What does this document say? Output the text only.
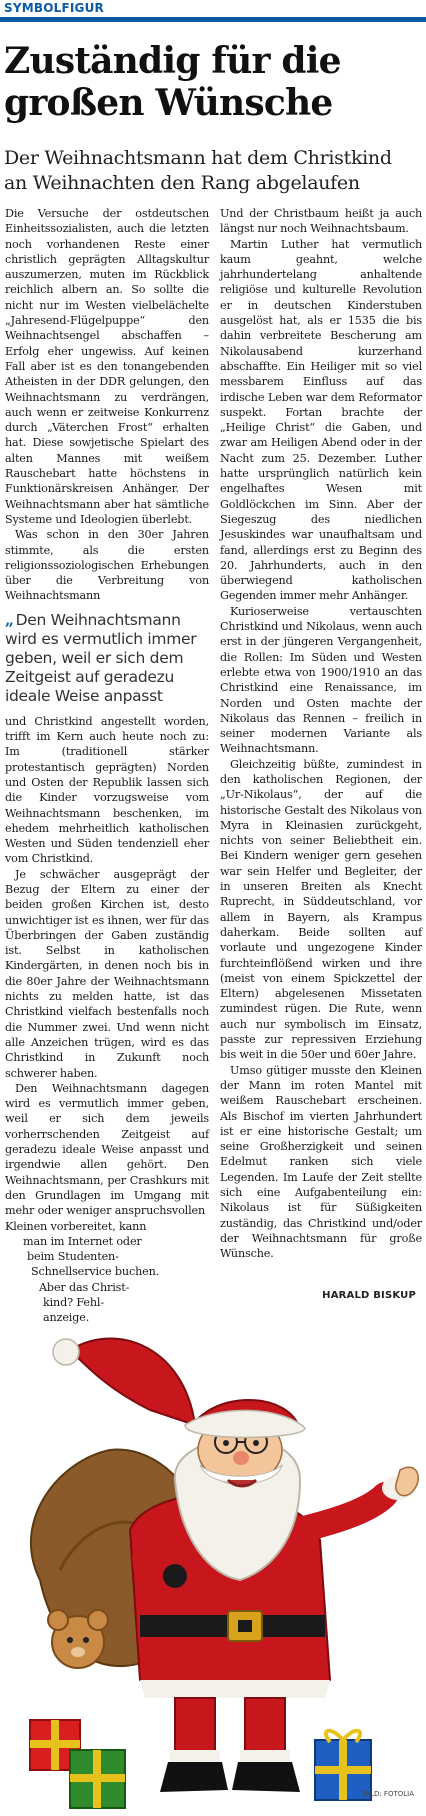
SYMBOLFIGUR
Zuständig für die
großen Wünsche
Der Weihnachtsmann hat dem Christkind
an Weihnachten den Rang abgelaufen

Die Versuche der ostdeutschen Einheitssozialisten, auch die letzten noch vorhandenen Reste einer christlich geprägten Alltagskultur auszumerzen, muten im Rückblick reichlich albern an. So sollte die nicht nur im Westen vielbelächelte „Jahresend-Flügelpuppe“ den Weihnachtsengel abschaffen – Erfolg eher ungewiss. Auf keinen Fall aber ist es den tonangebenden Atheisten in der DDR gelungen, den Weihnachtsmann zu verdrängen, auch wenn er zeitweise Konkurrenz durch „Väterchen Frost“ erhalten hat. Diese sowjetische Spielart des alten Mannes mit weißem Rauschebart hatte höchstens in Funktionärskreisen Anhänger. Der Weihnachtsmann aber hat sämtliche Systeme und Ideologien überlebt.

Was schon in den 30er Jahren stimmte, als die ersten religionssoziologischen Erhebungen über die Verbreitung von Weihnachtsmann

„ Den Weihnachtsmann wird es vermutlich immer geben, weil er sich dem Zeitgeist auf geradezu ideale Weise anpasst

und Christkind angestellt worden, trifft im Kern auch heute noch zu: Im (traditionell stärker protestantisch geprägten) Norden und Osten der Republik lassen sich die Kinder vorzugsweise vom Weihnachtsmann beschenken, im ehedem mehrheitlich katholischen Westen und Süden tendenziell eher vom Christkind.

Je schwächer ausgeprägt der Bezug der Eltern zu einer der beiden großen Kirchen ist, desto unwichtiger ist es ihnen, wer für das Überbringen der Gaben zuständig ist. Selbst in katholischen Kindergärten, in denen noch bis in die 80er Jahre der Weihnachtsmann nichts zu melden hatte, ist das Christkind vielfach bestenfalls noch die Nummer zwei. Und wenn nicht alle Anzeichen trügen, wird es das Christkind in Zukunft noch schwerer haben.

Den Weihnachtsmann dagegen wird es vermutlich immer geben, weil er sich dem jeweils vorherrschenden Zeitgeist auf geradezu ideale Weise anpasst und irgendwie allen gehört. Den Weihnachtsmann, per Crashkurs mit den Grundlagen im Umgang mit mehr oder weniger anspruchsvollen

Kleinen vorbereitet, kann
man im Internet oder
beim Studenten-
Schnellservice buchen.
Aber das Christ-
kind? Fehl-
anzeige.

Und der Christbaum heißt ja auch längst nur noch Weihnachtsbaum.

Martin Luther hat vermutlich kaum geahnt, welche jahrhundertelang anhaltende religiöse und kulturelle Revolution er in deutschen Kinderstuben ausgelöst hat, als er 1535 die bis dahin verbreitete Bescherung am Nikolausabend kurzerhand abschaffte. Ein Heiliger mit so viel messbarem Einfluss auf das irdische Leben war dem Reformator suspekt. Fortan brachte der „Heilige Christ“ die Gaben, und zwar am Heiligen Abend oder in der Nacht zum 25. Dezember. Luther hatte ursprünglich natürlich kein engelhaftes Wesen mit Goldlöckchen im Sinn. Aber der Siegeszug des niedlichen Jesuskindes war unaufhaltsam und fand, allerdings erst zu Beginn des 20. Jahrhunderts, auch in den überwiegend katholischen Gegenden immer mehr Anhänger.

Kurioserweise vertauschten Christkind und Nikolaus, wenn auch erst in der jüngeren Vergangenheit, die Rollen: Im Süden und Westen erlebte etwa von 1900/1910 an das Christkind eine Renaissance, im Norden und Osten machte der Nikolaus das Rennen – freilich in seiner modernen Variante als Weihnachtsmann.

Gleichzeitig büßte, zumindest in den katholischen Regionen, der „Ur-Nikolaus“, der auf die historische Gestalt des Nikolaus von Myra in Kleinasien zurückgeht, nichts von seiner Beliebtheit ein. Bei Kindern weniger gern gesehen war sein Helfer und Begleiter, der in unseren Breiten als Knecht Ruprecht, in Süddeutschland, vor allem in Bayern, als Krampus daherkam. Beide sollten auf vorlaute und ungezogene Kinder furchteinflößend wirken und ihre (meist von einem Spickzettel der Eltern) abgelesenen Missetaten zumindest rügen. Die Rute, wenn auch nur symbolisch im Einsatz, passte zur repressiven Erziehung bis weit in die 50er und 60er Jahre.

Umso gütiger musste den Kleinen der Mann im roten Mantel mit weißem Rauschebart erscheinen. Als Bischof im vierten Jahrhundert ist er eine historische Gestalt; um seine Großherzigkeit und seinen Edelmut ranken sich viele Legenden. Im Laufe der Zeit stellte sich eine Aufgabenteilung ein: Nikolaus ist für Süßigkeiten zuständig, das Christkind und/oder der Weihnachtsmann für große Wünsche.

HARALD BISKUP
BILD: FOTOLIA
